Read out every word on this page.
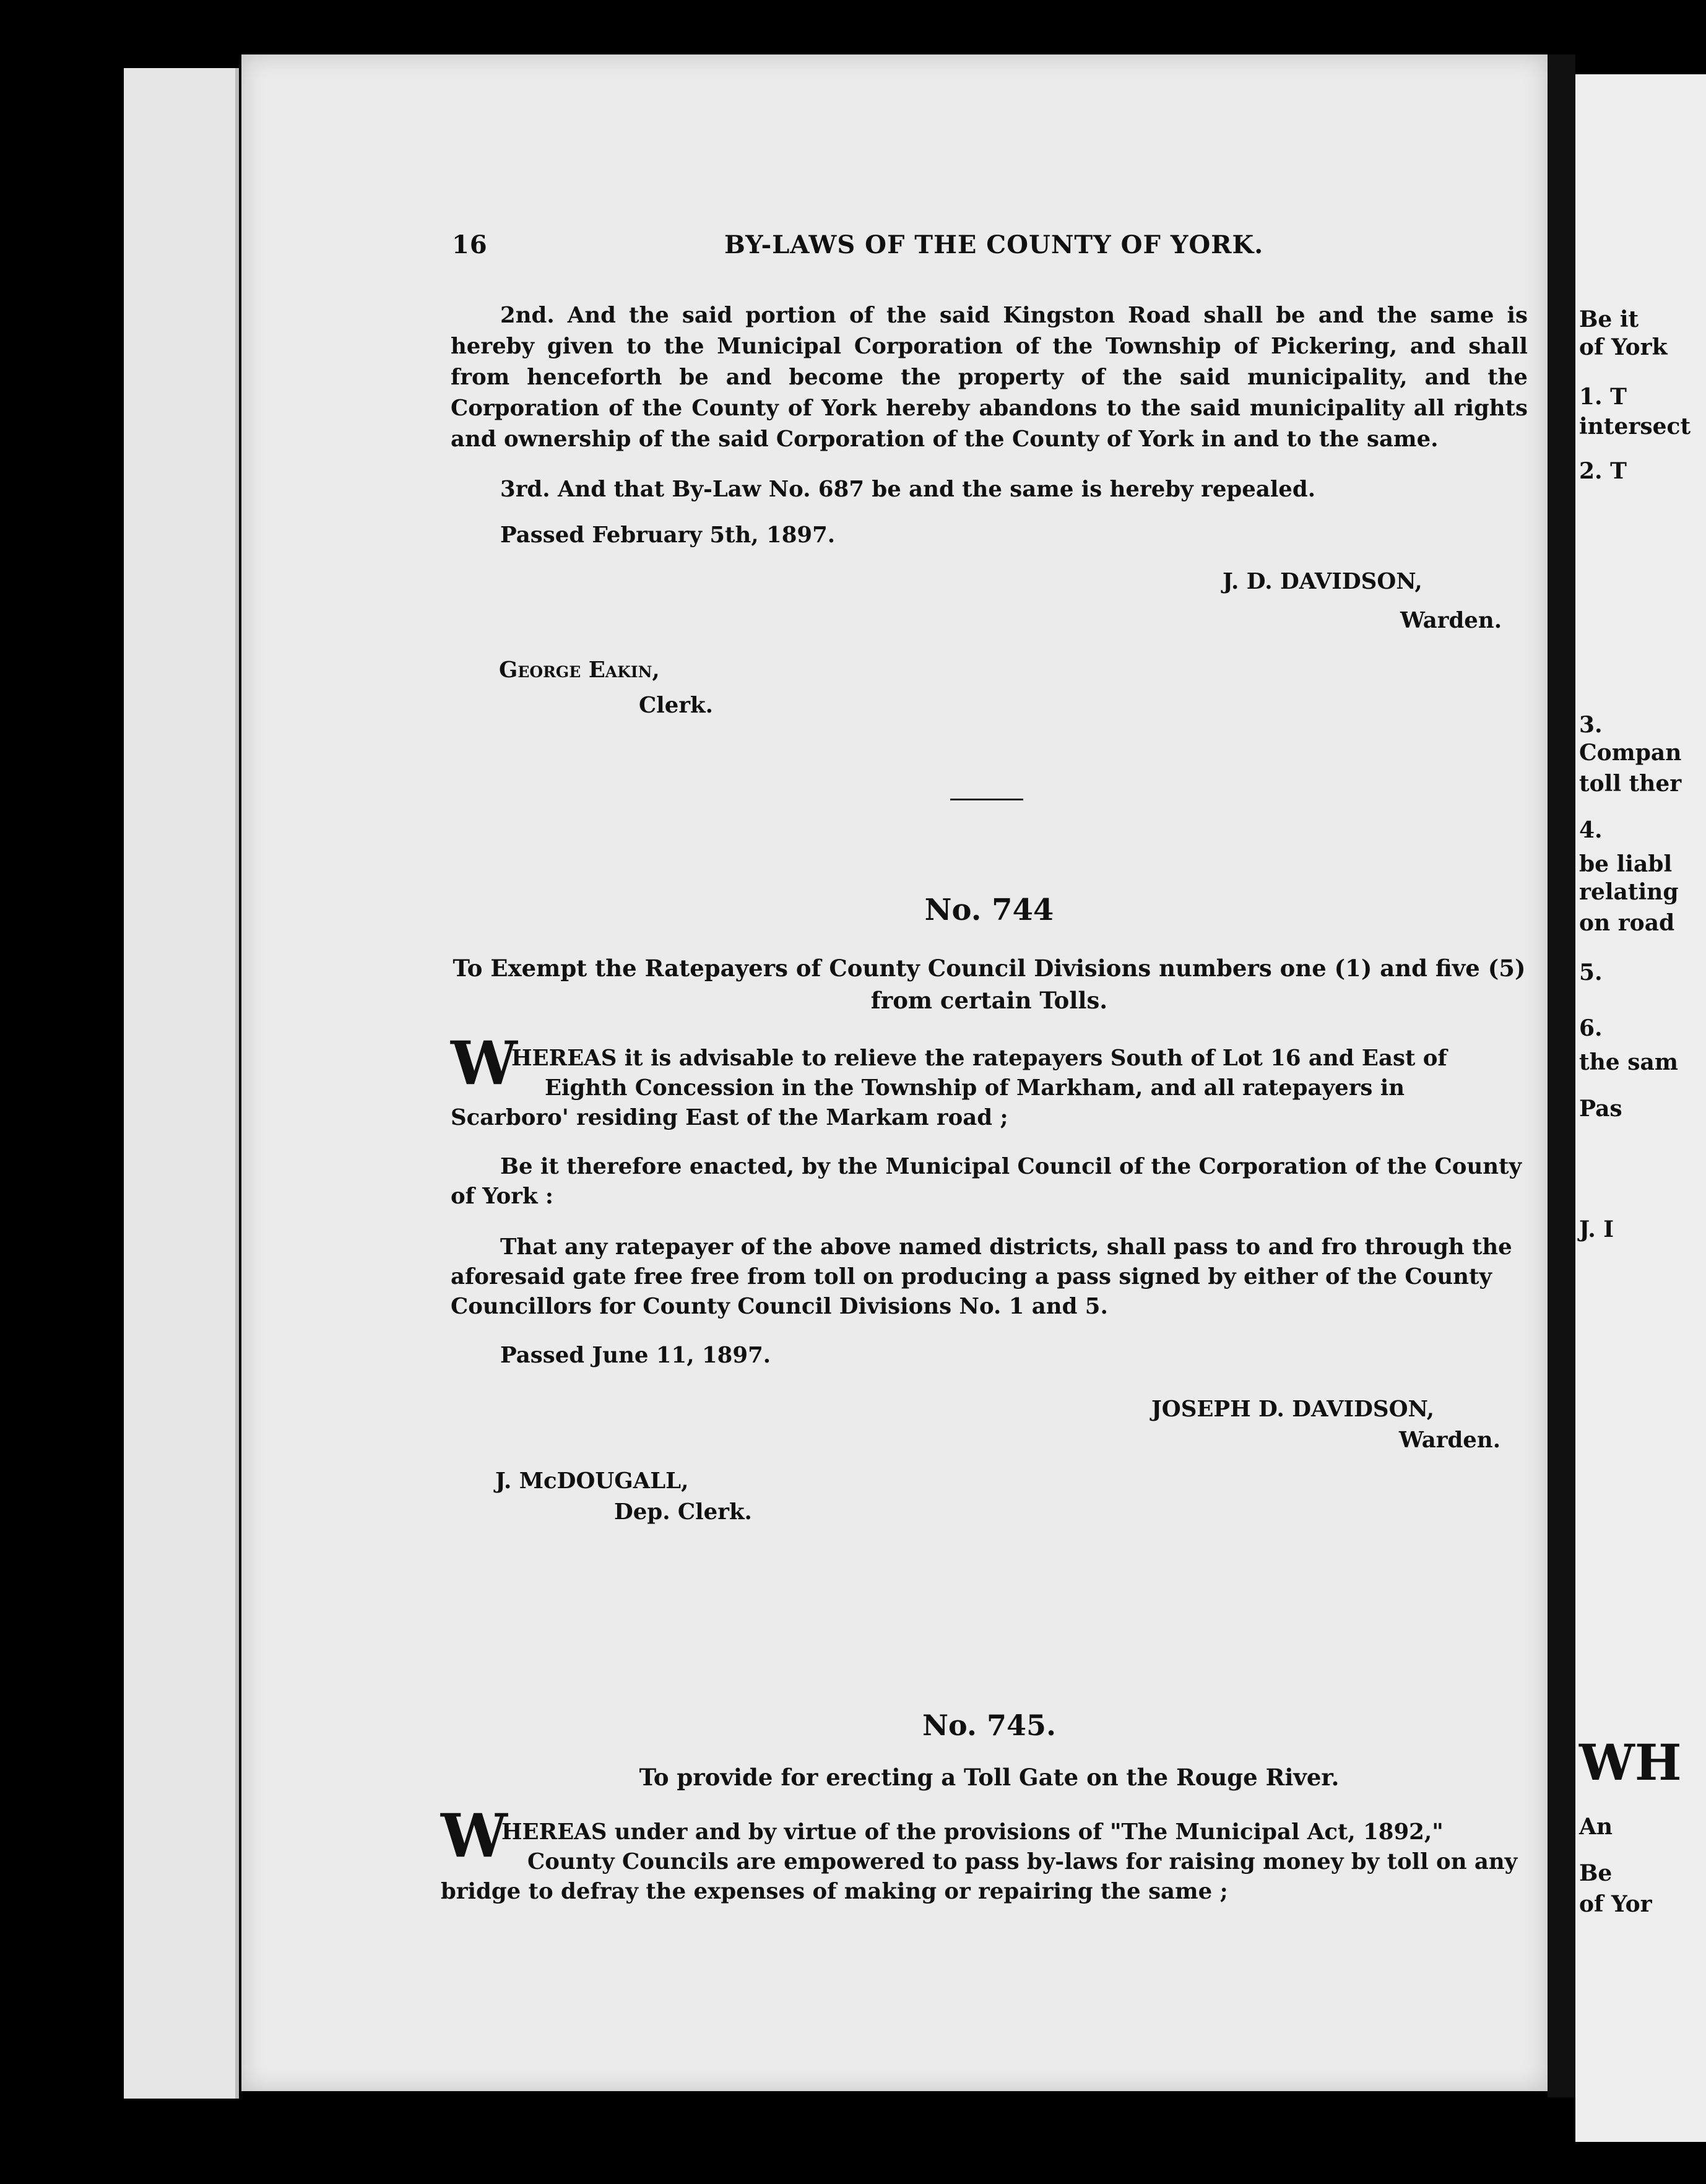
Be it
of York
1. T
intersect
2. T
3.
Compan
toll ther
4.
be liabl
relating
on road
5.
6.
the sam
Pas
J. I
WH
An
Be
of Yor
16	BY-LAWS OF THE COUNTY OF YORK.
2nd. And the said portion of the said Kingston Road shall be and the same is hereby given to the Municipal Corporation of the Township of Pickering, and shall from henceforth be and become the property of the said municipality, and the Corporation of the County of York hereby abandons to the said municipality all rights and ownership of the said Corporation of the County of York in and to the same.
3rd. And that By-Law No. 687 be and the same is hereby repealed.
Passed February 5th, 1897.
J. D. DAVIDSON,
Warden.
George Eakin,
Clerk.
No. 744
To Exempt the Ratepayers of County Council Divisions numbers one (1) and five (5)
from certain Tolls.
W
HEREAS it is advisable to relieve the ratepayers South of Lot 16 and East of
Eighth Concession in the Township of Markham, and all ratepayers in
Scarboro' residing East of the Markam road ;
Be it therefore enacted, by the Municipal Council of the Corporation of the County
of York :
That any ratepayer of the above named districts, shall pass to and fro through the
aforesaid gate free free from toll on producing a pass signed by either of the County
Councillors for County Council Divisions No. 1 and 5.
Passed June 11, 1897.
JOSEPH D. DAVIDSON,
Warden.
J. McDOUGALL,
Dep. Clerk.
No. 745.
To provide for erecting a Toll Gate on the Rouge River.
W
HEREAS under and by virtue of the provisions of "The Municipal Act, 1892,"
County Councils are empowered to pass by-laws for raising money by toll on any
bridge to defray the expenses of making or repairing the same ;
